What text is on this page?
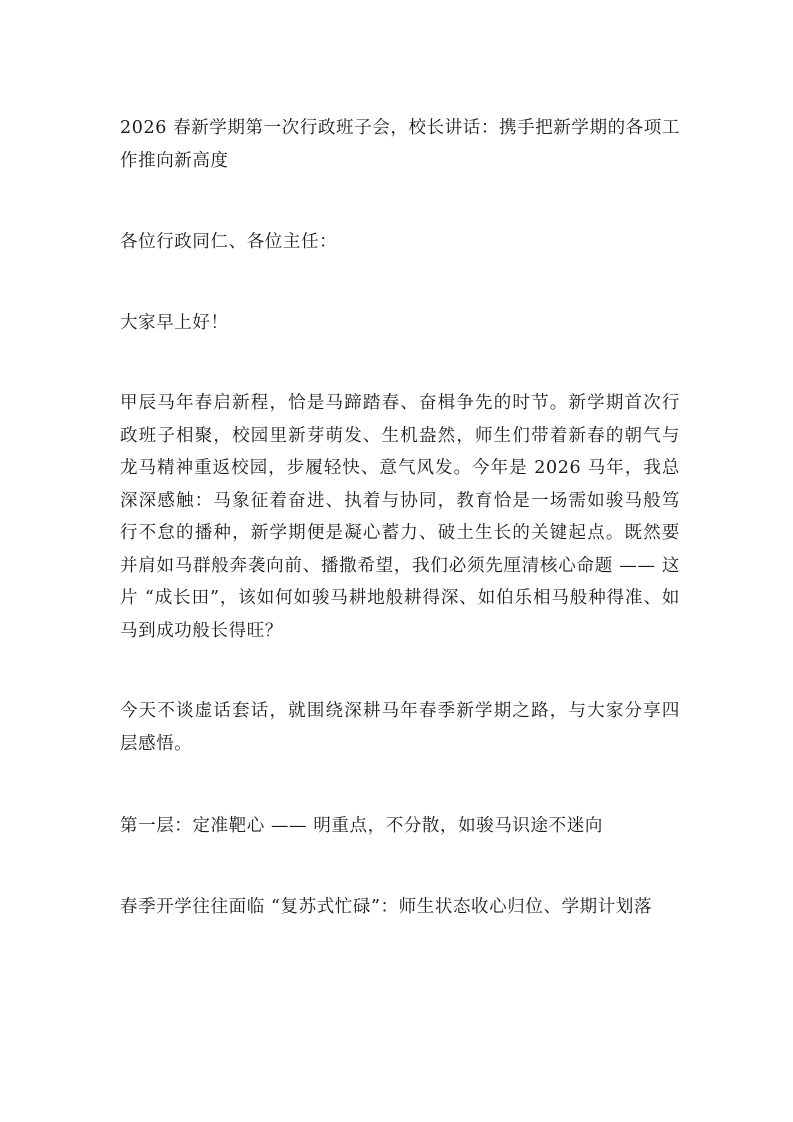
2026 春新学期第一次行政班子会，校长讲话：携手把新学期的各项工作推向新高度

各位行政同仁、各位主任：

大家早上好！

甲辰马年春启新程，恰是马蹄踏春、奋楫争先的时节。新学期首次行政班子相聚，校园里新芽萌发、生机盎然，师生们带着新春的朝气与龙马精神重返校园，步履轻快、意气风发。今年是 2026 马年，我总深深感触：马象征着奋进、执着与协同，教育恰是一场需如骏马般笃行不怠的播种，新学期便是凝心蓄力、破土生长的关键起点。既然要并肩如马群般奔袭向前、播撒希望，我们必须先厘清核心命题 —— 这片 “成长田”，该如何如骏马耕地般耕得深、如伯乐相马般种得准、如马到成功般长得旺？

今天不谈虚话套话，就围绕深耕马年春季新学期之路，与大家分享四层感悟。

第一层：定准靶心 —— 明重点，不分散，如骏马识途不迷向

春季开学往往面临 “复苏式忙碌”：师生状态收心归位、学期计划落
